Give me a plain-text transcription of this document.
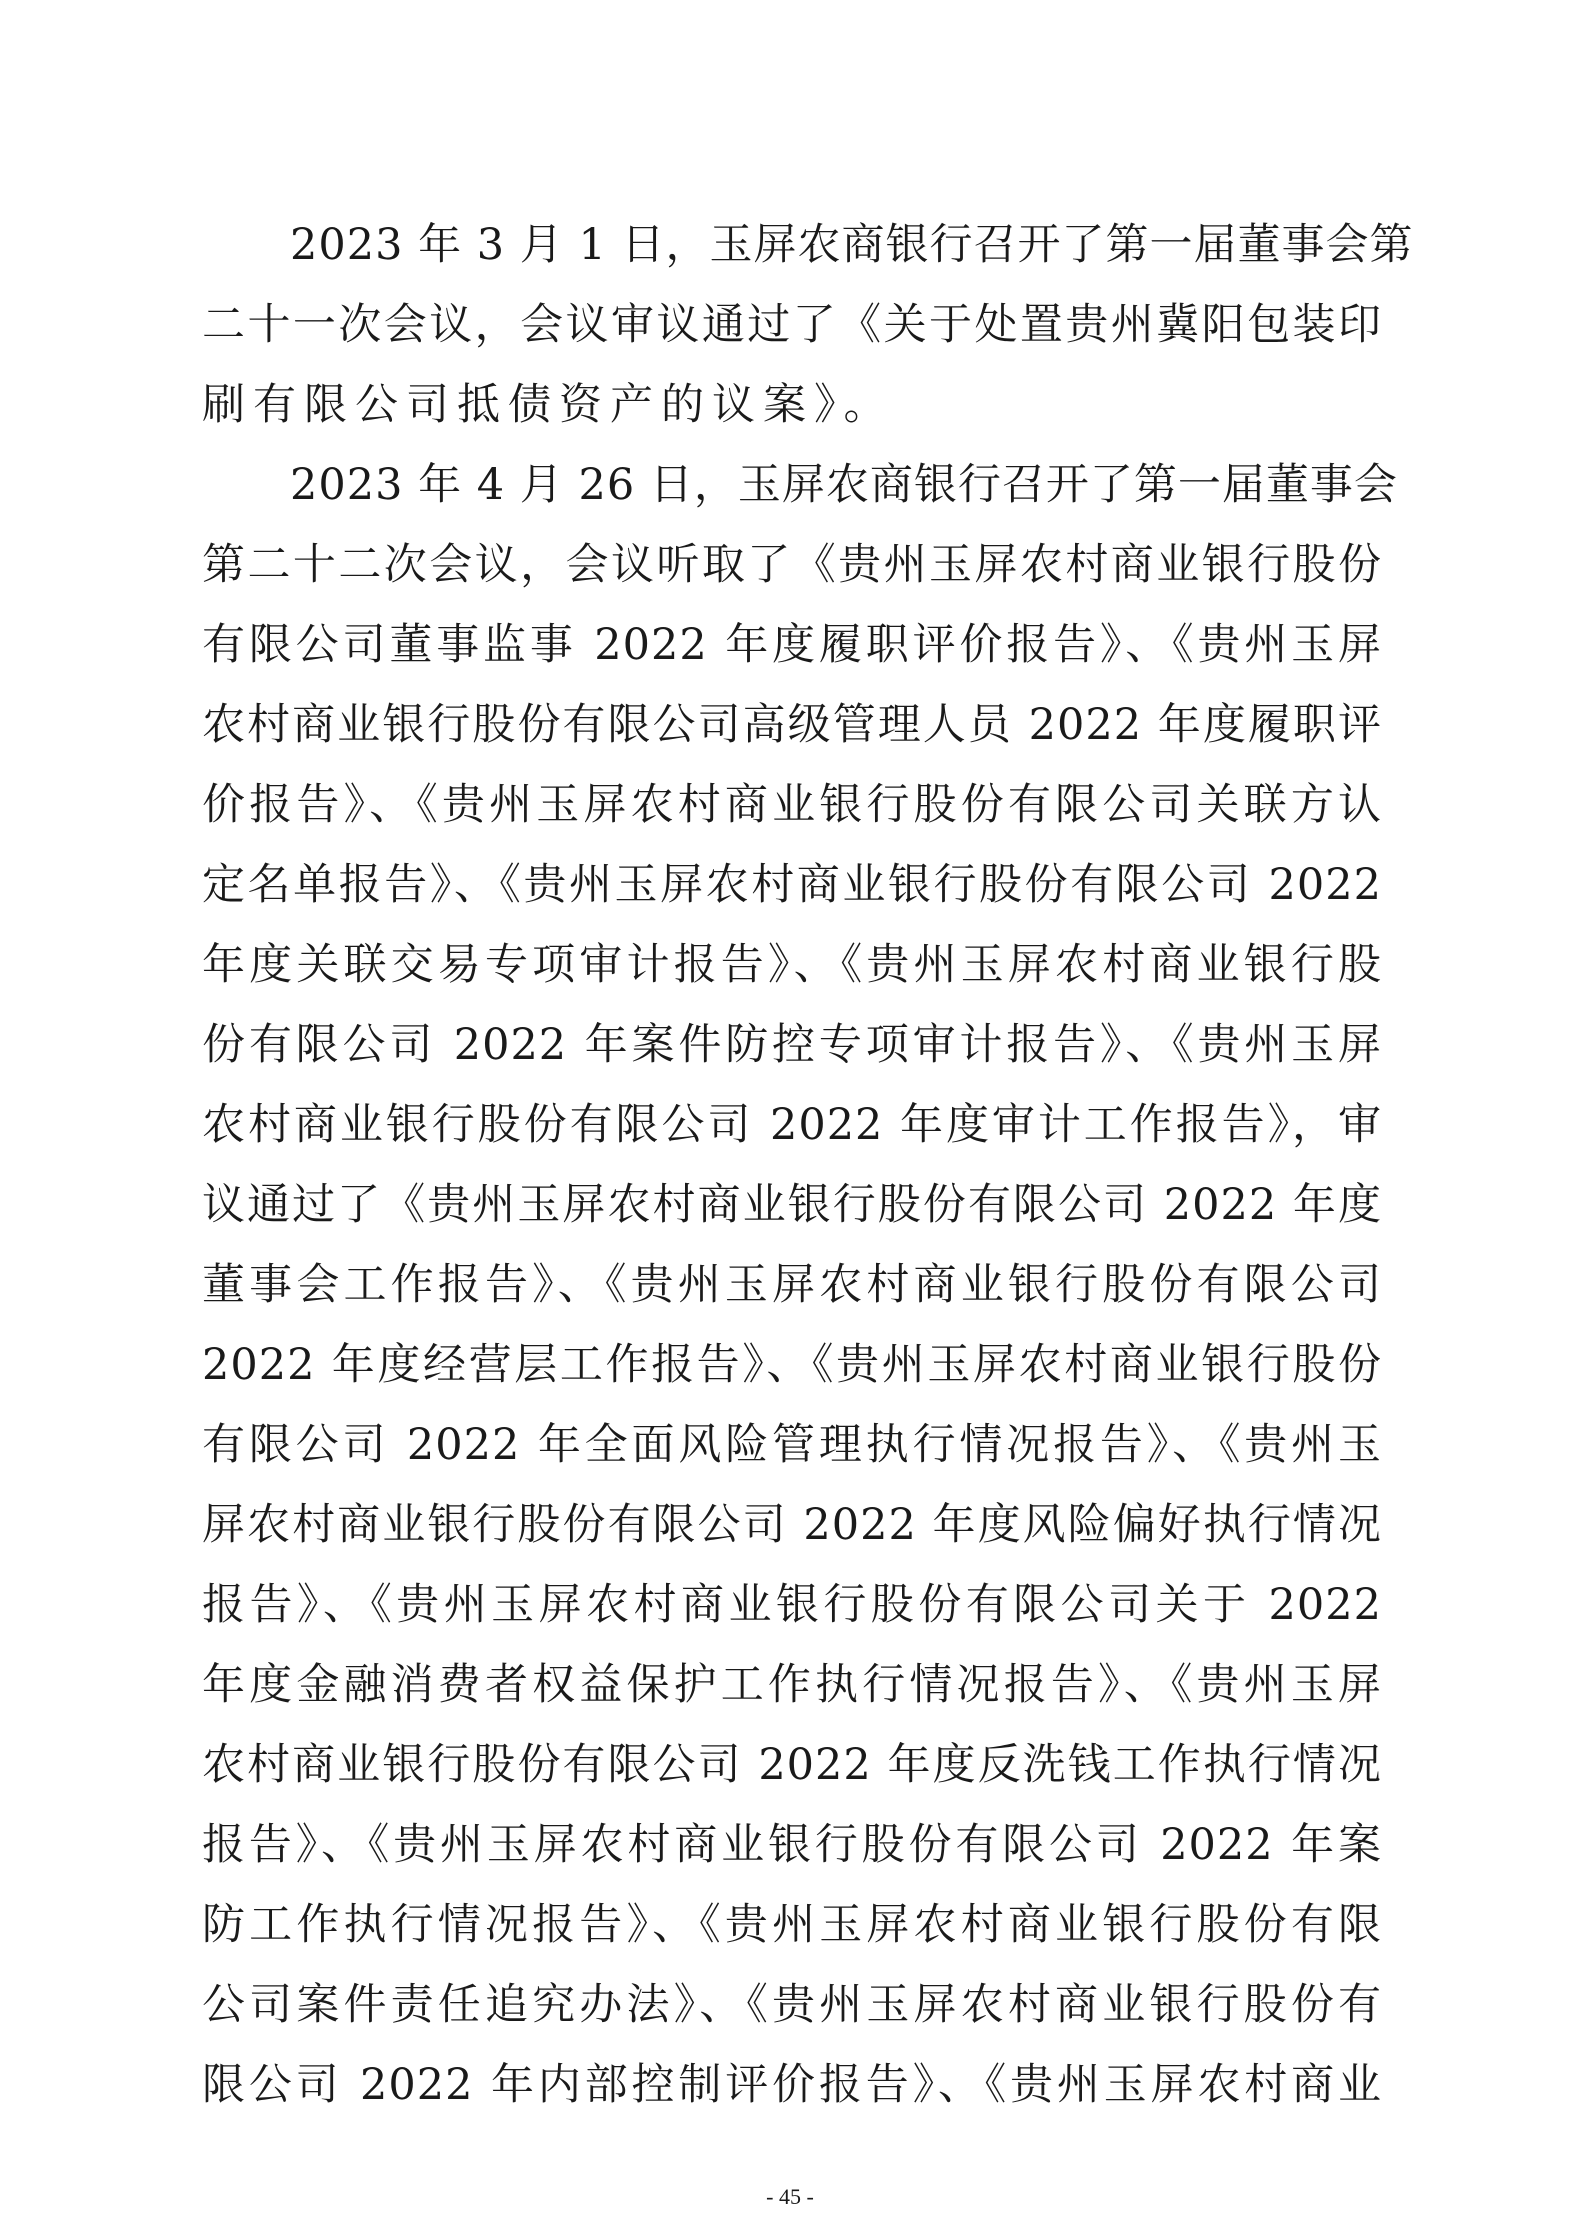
2023 年 3 月 1 日，玉屏农商银行召开了第一届董事会第
二十一次会议，会议审议通过了《关于处置贵州冀阳包装印
刷有限公司抵债资产的议案》。
2023 年 4 月 26 日，玉屏农商银行召开了第一届董事会
第二十二次会议，会议听取了《贵州玉屏农村商业银行股份
有限公司董事监事 2022 年度履职评价报告》、《贵州玉屏
农村商业银行股份有限公司高级管理人员 2022 年度履职评
价报告》、《贵州玉屏农村商业银行股份有限公司关联方认
定名单报告》、《贵州玉屏农村商业银行股份有限公司 2022
年度关联交易专项审计报告》、《贵州玉屏农村商业银行股
份有限公司 2022 年案件防控专项审计报告》、《贵州玉屏
农村商业银行股份有限公司 2022 年度审计工作报告》，审
议通过了《贵州玉屏农村商业银行股份有限公司 2022 年度
董事会工作报告》、《贵州玉屏农村商业银行股份有限公司
2022 年度经营层工作报告》、《贵州玉屏农村商业银行股份
有限公司 2022 年全面风险管理执行情况报告》、《贵州玉
屏农村商业银行股份有限公司 2022 年度风险偏好执行情况
报告》、《贵州玉屏农村商业银行股份有限公司关于 2022
年度金融消费者权益保护工作执行情况报告》、《贵州玉屏
农村商业银行股份有限公司 2022 年度反洗钱工作执行情况
报告》、《贵州玉屏农村商业银行股份有限公司 2022 年案
防工作执行情况报告》、《贵州玉屏农村商业银行股份有限
公司案件责任追究办法》、《贵州玉屏农村商业银行股份有
限公司 2022 年内部控制评价报告》、《贵州玉屏农村商业
- 45 -
